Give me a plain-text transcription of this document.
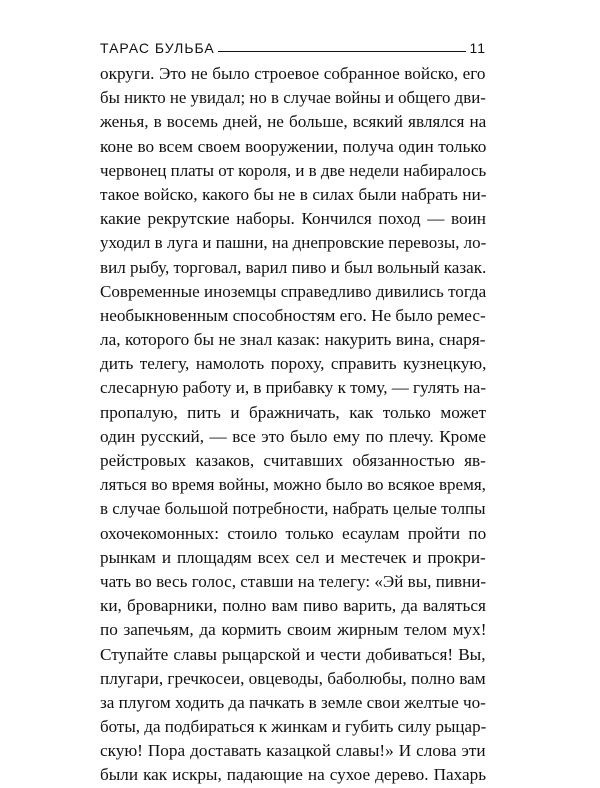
ТАРАС БУЛЬБА	11
округи. Это не было строевое собранное войско, его
бы никто не увидал; но в случае войны и общего дви-
женья, в восемь дней, не больше, всякий являлся на
коне во всем своем вооружении, получа один только
червонец платы от короля, и в две недели набиралось
такое войско, какого бы не в силах были набрать ни-
какие рекрутские наборы. Кончился поход — воин
уходил в луга и пашни, на днепровские перевозы, ло-
вил рыбу, торговал, варил пиво и был вольный казак.
Современные иноземцы справедливо дивились тогда
необыкновенным способностям его. Не было ремес-
ла, которого бы не знал казак: накурить вина, снаря-
дить телегу, намолоть пороху, справить кузнецкую,
слесарную работу и, в прибавку к тому, — гулять на-
пропалую, пить и бражничать, как только может
один русский, — все это было ему по плечу. Кроме
рейстровых казаков, считавших обязанностью яв-
ляться во время войны, можно было во всякое время,
в случае большой потребности, набрать целые толпы
охочекомонных: стоило только есаулам пройти по
рынкам и площадям всех сел и местечек и прокри-
чать во весь голос, ставши на телегу: «Эй вы, пивни-
ки, броварники, полно вам пиво варить, да валяться
по запечьям, да кормить своим жирным телом мух!
Ступайте славы рыцарской и чести добиваться! Вы,
плугари, гречкосеи, овцеводы, баболюбы, полно вам
за плугом ходить да пачкать в земле свои желтые чо-
боты, да подбираться к жинкам и губить силу рыцар-
скую! Пора доставать казацкой славы!» И слова эти
были как искры, падающие на сухое дерево. Пахарь
